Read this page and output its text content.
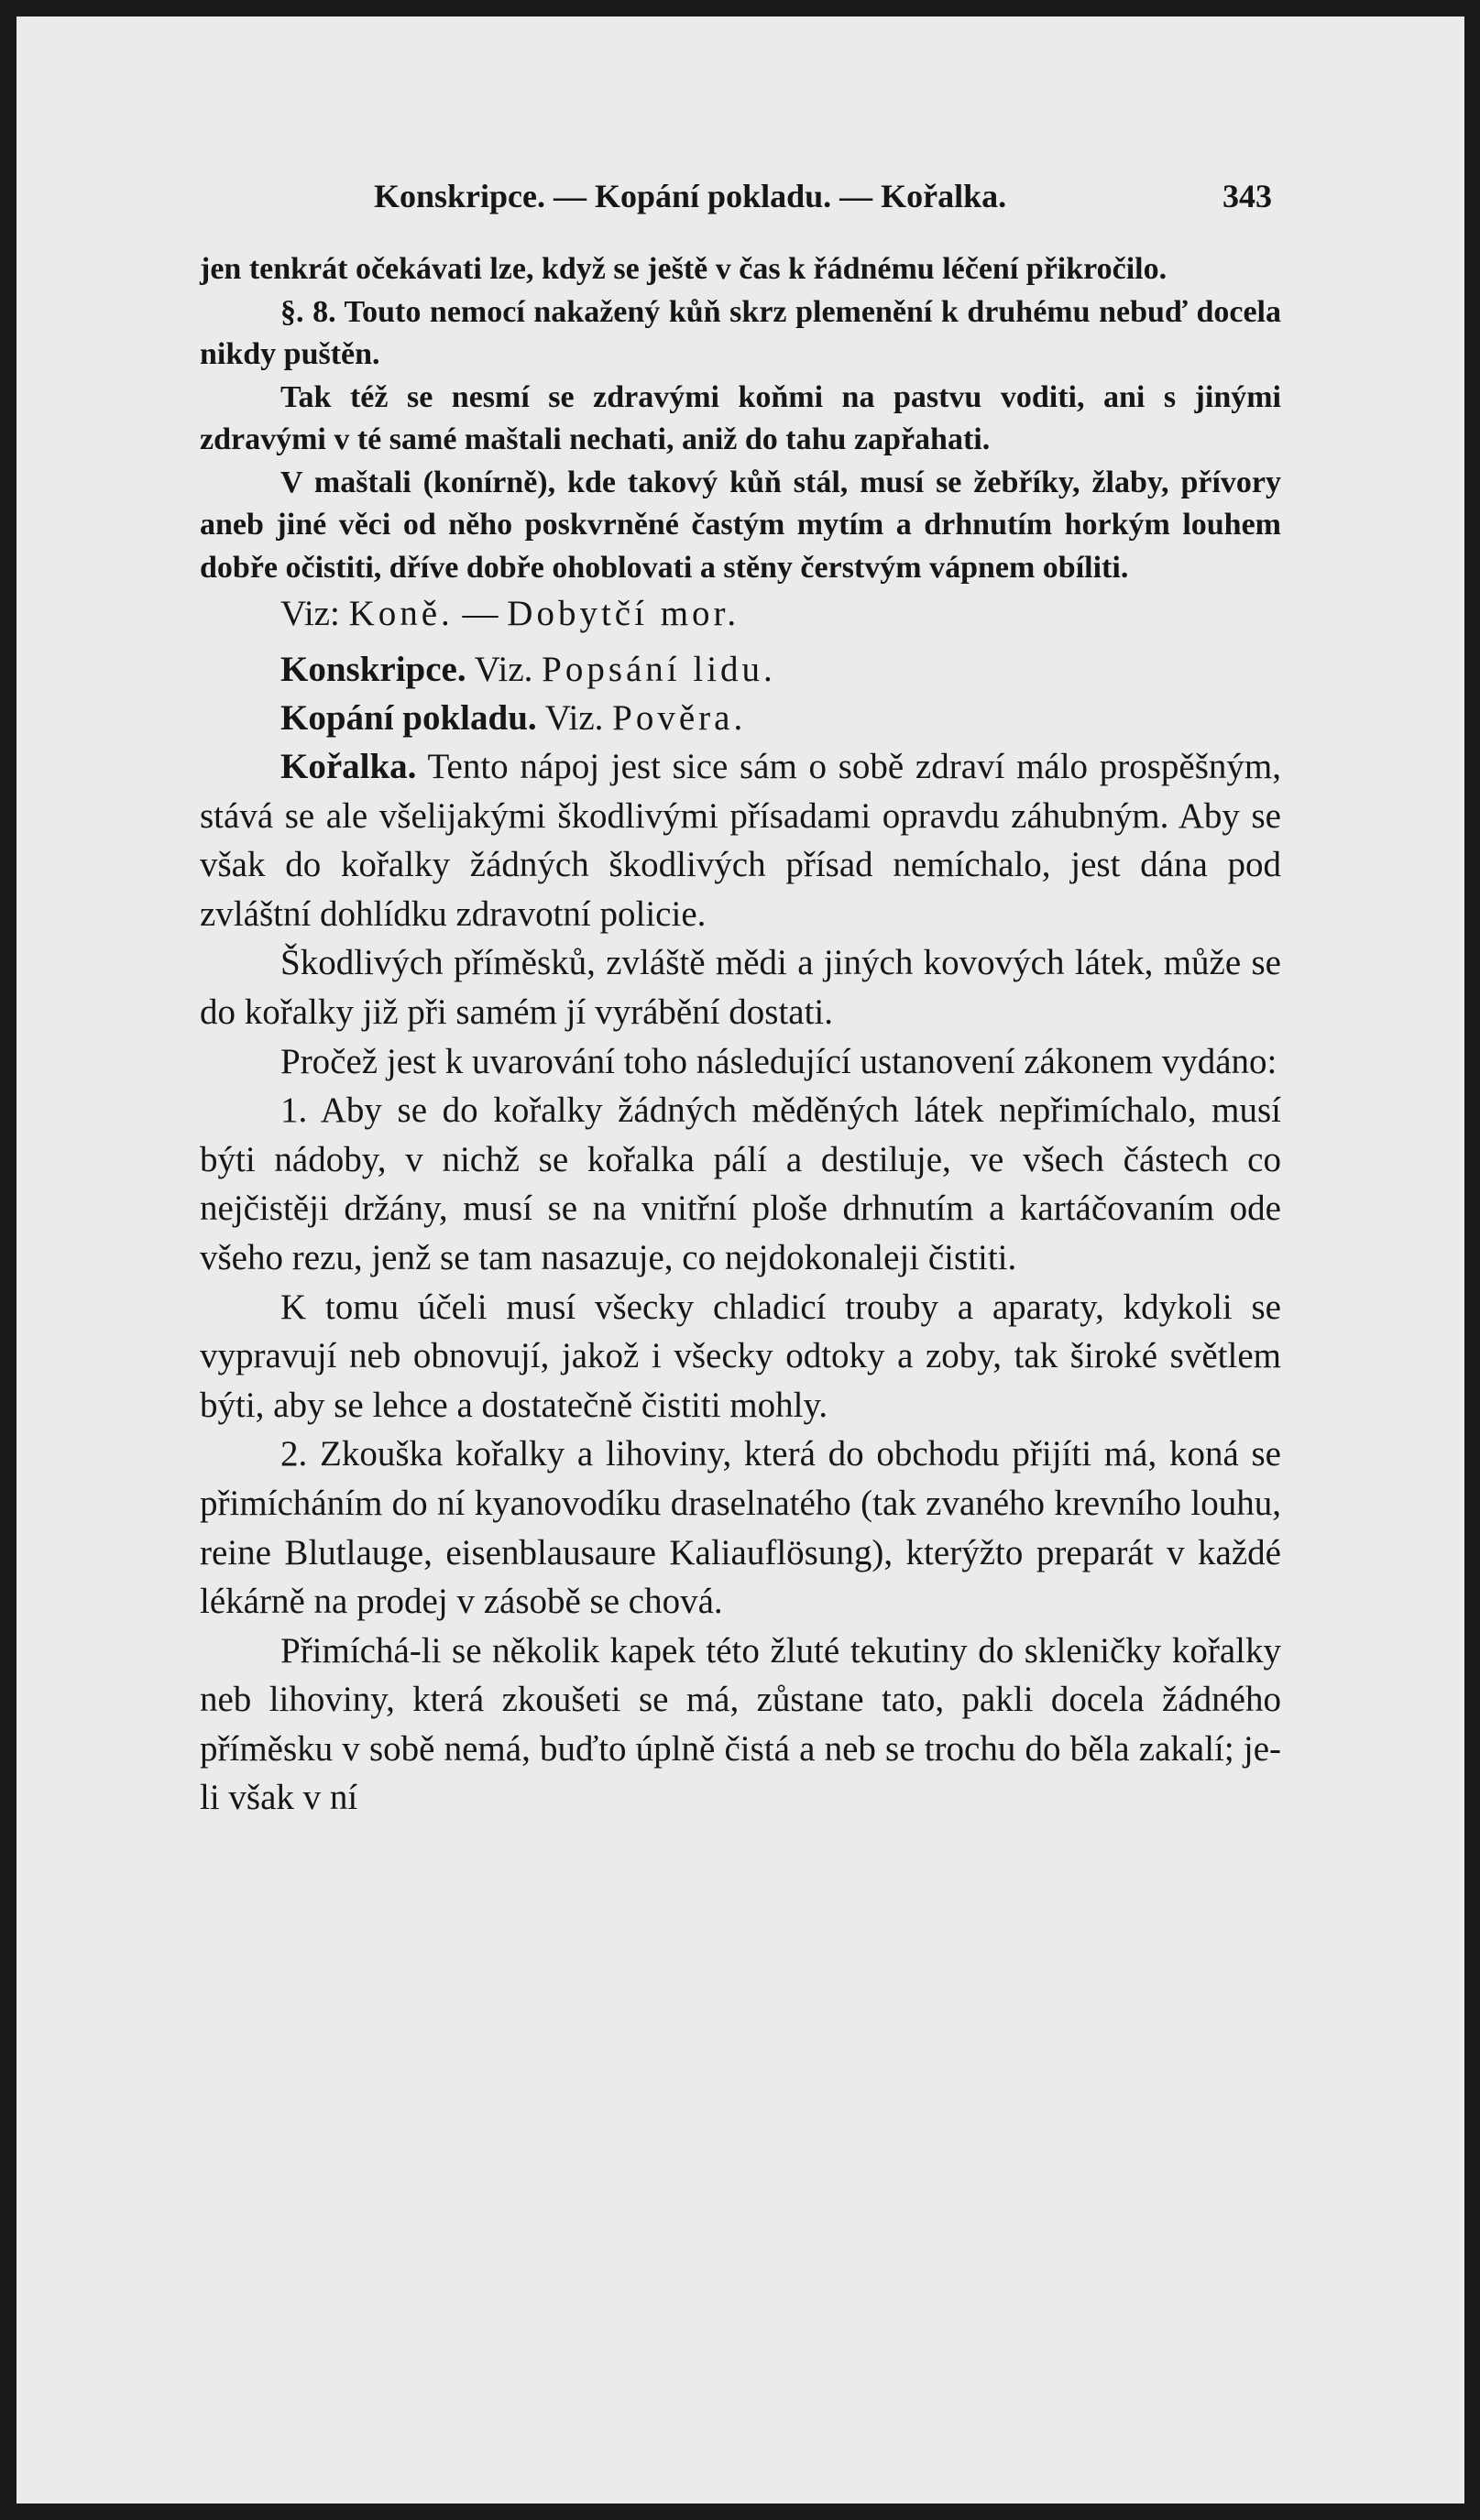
Konskripce. — Kopání pokladu. — Kořalka.	343

jen tenkrát očekávati lze, když se ještě v čas k řádnému léčení přikročilo.

§. 8. Touto nemocí nakažený kůň skrz plemenění k druhému nebuď docela nikdy puštěn.

Tak též se nesmí se zdravými koňmi na pastvu voditi, ani s jinými zdravými v té samé maštali nechati, aniž do tahu zapřahati.

V maštali (konírně), kde takový kůň stál, musí se žebříky, žlaby, přívory aneb jiné věci od něho poskvrněné častým mytím a drhnutím horkým louhem dobře očistiti, dříve dobře ohoblovati a stěny čerstvým vápnem obíliti.

Viz: Koně. — Dobytčí mor.

Konskripce. Viz. Popsání lidu.

Kopání pokladu. Viz. Pověra.

Kořalka. Tento nápoj jest sice sám o sobě zdraví málo prospěšným, stává se ale všelijakými škodlivými přísadami opravdu záhubným. Aby se však do kořalky žádných škodlivých přísad nemíchalo, jest dána pod zvláštní dohlídku zdravotní policie.

Škodlivých příměsků, zvláště mědi a jiných kovových látek, může se do kořalky již při samém jí vyrábění dostati.

Pročež jest k uvarování toho následující ustanovení zákonem vydáno:

1. Aby se do kořalky žádných měděných látek nepřimíchalo, musí býti nádoby, v nichž se kořalka pálí a destiluje, ve všech částech co nejčistěji držány, musí se na vnitřní ploše drhnutím a kartáčovaním ode všeho rezu, jenž se tam nasazuje, co nejdokonaleji čistiti.

K tomu účeli musí všecky chladicí trouby a aparaty, kdykoli se vypravují neb obnovují, jakož i všecky odtoky a zoby, tak široké světlem býti, aby se lehce a dostatečně čistiti mohly.

2. Zkouška kořalky a lihoviny, která do obchodu přijíti má, koná se přimícháním do ní kyanovodíku draselnatého (tak zvaného krevního louhu, reine Blutlauge, eisenblausaure Kaliauflösung), kterýžto preparát v každé lékárně na prodej v zásobě se chová.

Přimíchá-li se několik kapek této žluté tekutiny do skleničky kořalky neb lihoviny, která zkoušeti se má, zůstane tato, pakli docela žádného příměsku v sobě nemá, buďto úplně čistá a neb se trochu do běla zakalí; je-li však v ní
